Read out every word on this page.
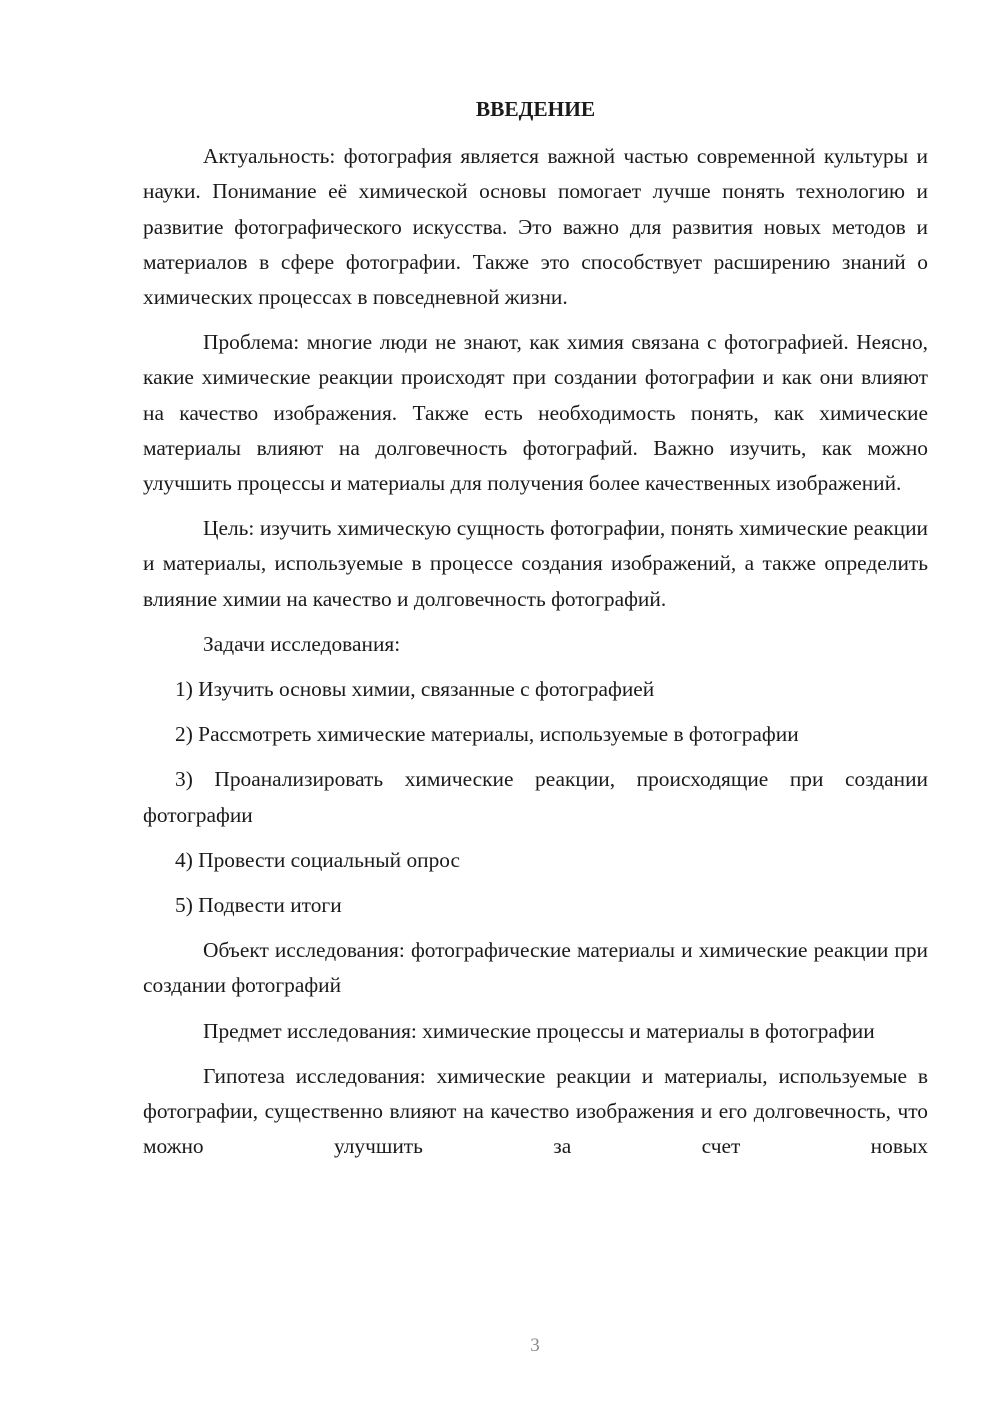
ВВЕДЕНИЕ

Актуальность: фотография является важной частью современной культуры и науки. Понимание её химической основы помогает лучше понять технологию и развитие фотографического искусства. Это важно для развития новых методов и материалов в сфере фотографии. Также это способствует расширению знаний о химических процессах в повседневной жизни.

Проблема: многие люди не знают, как химия связана с фотографией. Неясно, какие химические реакции происходят при создании фотографии и как они влияют на качество изображения. Также есть необходимость понять, как химические материалы влияют на долговечность фотографий. Важно изучить, как можно улучшить процессы и материалы для получения более качественных изображений.

Цель: изучить химическую сущность фотографии, понять химические реакции и материалы, используемые в процессе создания изображений, а также определить влияние химии на качество и долговечность фотографий.

Задачи исследования:

1) Изучить основы химии, связанные с фотографией

2) Рассмотреть химические материалы, используемые в фотографии

3) Проанализировать химические реакции, происходящие при создании фотографии

4) Провести социальный опрос

5) Подвести итоги

Объект исследования: фотографические материалы и химические реакции при создании фотографий

Предмет исследования: химические процессы и материалы в фотографии

Гипотеза исследования: химические реакции и материалы, используемые в фотографии, существенно влияют на качество изображения и его долговечность, что можно улучшить за счет новых

3
